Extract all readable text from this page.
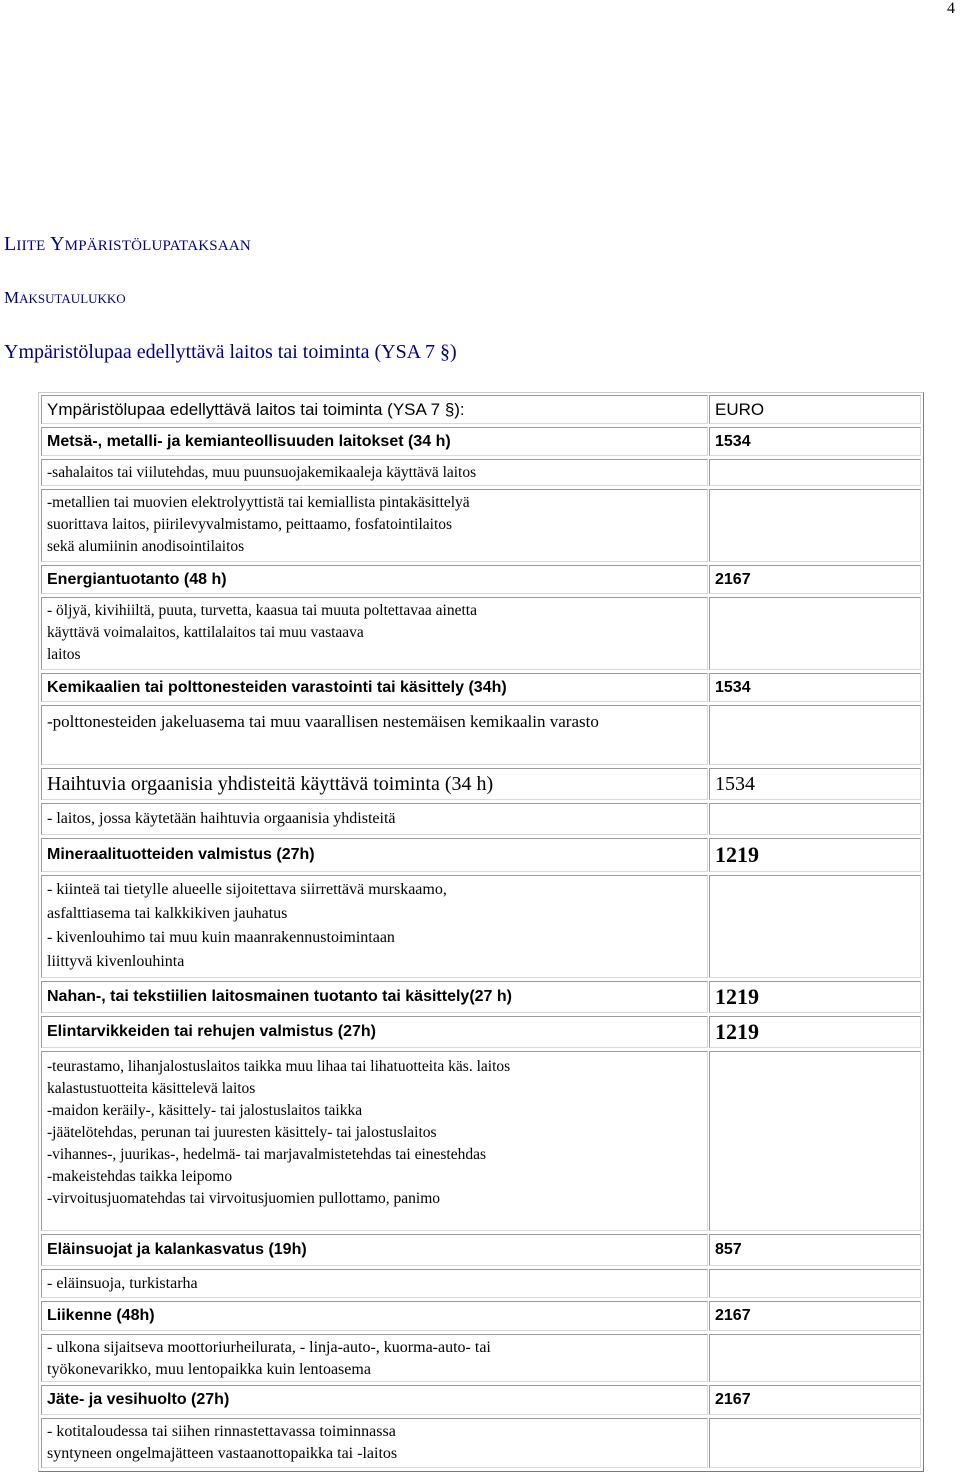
4
LIITE YMPÄRISTÖLUPATAKSAAN
MAKSUTAULUKKO
Ympäristölupaa edellyttävä laitos tai toiminta (YSA 7 §)
Ympäristölupaa edellyttävä laitos tai toiminta (YSA 7 §):	EURO
Metsä-, metalli- ja kemianteollisuuden laitokset (34 h)	1534
-sahalaitos tai viilutehdas, muu puunsuojakemikaaleja käyttävä laitos
-metallien tai muovien elektrolyyttistä tai kemiallista pintakäsittelyä
suorittava laitos, piirilevyvalmistamo, peittaamo, fosfatointilaitos
sekä alumiinin anodisointilaitos
Energiantuotanto (48 h)	2167
- öljyä, kivihiiltä, puuta, turvetta, kaasua tai muuta poltettavaa ainetta
käyttävä voimalaitos, kattilalaitos tai muu vastaava
laitos
Kemikaalien tai polttonesteiden varastointi tai käsittely (34h)	1534
-polttonesteiden jakeluasema tai muu vaarallisen nestemäisen kemikaalin varasto
Haihtuvia orgaanisia yhdisteitä käyttävä toiminta (34 h)	1534
- laitos, jossa käytetään haihtuvia orgaanisia yhdisteitä
Mineraalituotteiden valmistus (27h)	1219
- kiinteä tai tietylle alueelle sijoitettava siirrettävä murskaamo,
asfalttiasema tai kalkkikiven jauhatus
- kivenlouhimo tai muu kuin maanrakennustoimintaan
liittyvä kivenlouhinta
Nahan-, tai tekstiilien laitosmainen tuotanto tai käsittely(27 h)	1219
Elintarvikkeiden tai rehujen valmistus (27h)	1219
-teurastamo, lihanjalostuslaitos taikka muu lihaa tai lihatuotteita käs. laitos
kalastustuotteita käsittelevä laitos
-maidon keräily-, käsittely- tai jalostuslaitos taikka
-jäätelötehdas, perunan tai juuresten käsittely- tai jalostuslaitos
-vihannes-, juurikas-, hedelmä- tai marjavalmistetehdas tai einestehdas
-makeistehdas taikka leipomo
-virvoitusjuomatehdas tai virvoitusjuomien pullottamo, panimo
Eläinsuojat ja kalankasvatus (19h)	857
- eläinsuoja, turkistarha
Liikenne (48h)	2167
- ulkona sijaitseva moottoriurheilurata, - linja-auto-, kuorma-auto- tai
työkonevarikko, muu lentopaikka kuin lentoasema
Jäte- ja vesihuolto (27h)	2167
- kotitaloudessa tai siihen rinnastettavassa toiminnassa
syntyneen ongelmajätteen vastaanottopaikka tai -laitos
